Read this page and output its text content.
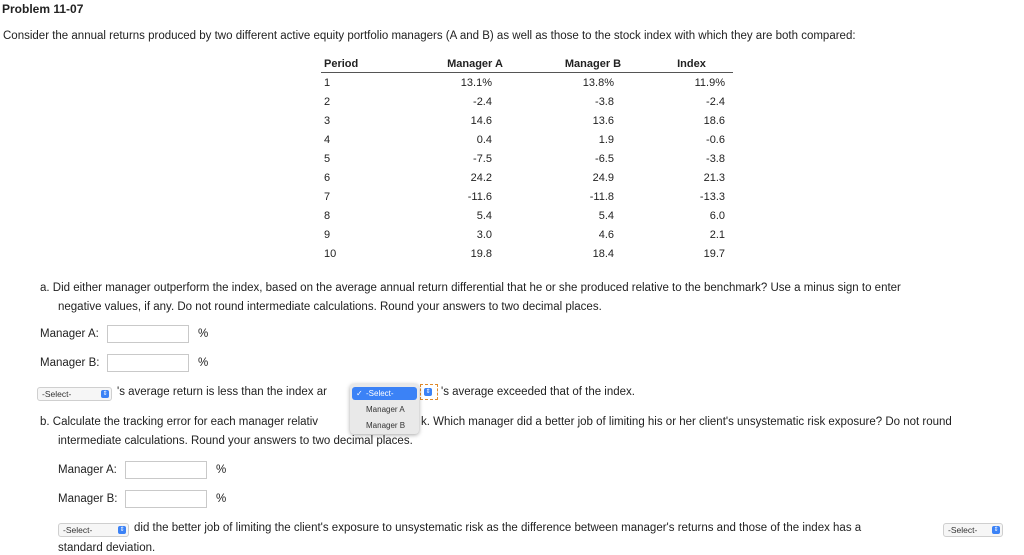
Problem 11-07
Consider the annual returns produced by two different active equity portfolio managers (A and B) as well as those to the stock index with which they are both compared:
Period	Manager A	Manager B	Index
1	13.1%	13.8%	11.9%
2	-2.4	-3.8	-2.4
3	14.6	13.6	18.6
4	0.4	1.9	-0.6
5	-7.5	-6.5	-3.8
6	24.2	24.9	21.3
7	-11.6	-11.8	-13.3
8	5.4	5.4	6.0
9	3.0	4.6	2.1
10	19.8	18.4	19.7
a. Did either manager outperform the index, based on the average annual return differential that he or she produced relative to the benchmark? Use a minus sign to enter
negative values, if any. Do not round intermediate calculations. Round your answers to two decimal places.
Manager A:	%
Manager B:	%
-Select-	⇕ 's average return is less than the index ar	⇕ 's average exceeded that of the index.
b. Calculate the tracking error for each manager relativ	k. Which manager did a better job of limiting his or her client's unsystematic risk exposure? Do not round
intermediate calculations. Round your answers to two decimal places.
Manager A:	%
Manager B:	%
-Select-	⇕ did the better job of limiting the client's exposure to unsystematic risk as the difference between manager's returns and those of the index has a	-Select-	⇕
standard deviation.
✓ -Select-
Manager A
Manager B
